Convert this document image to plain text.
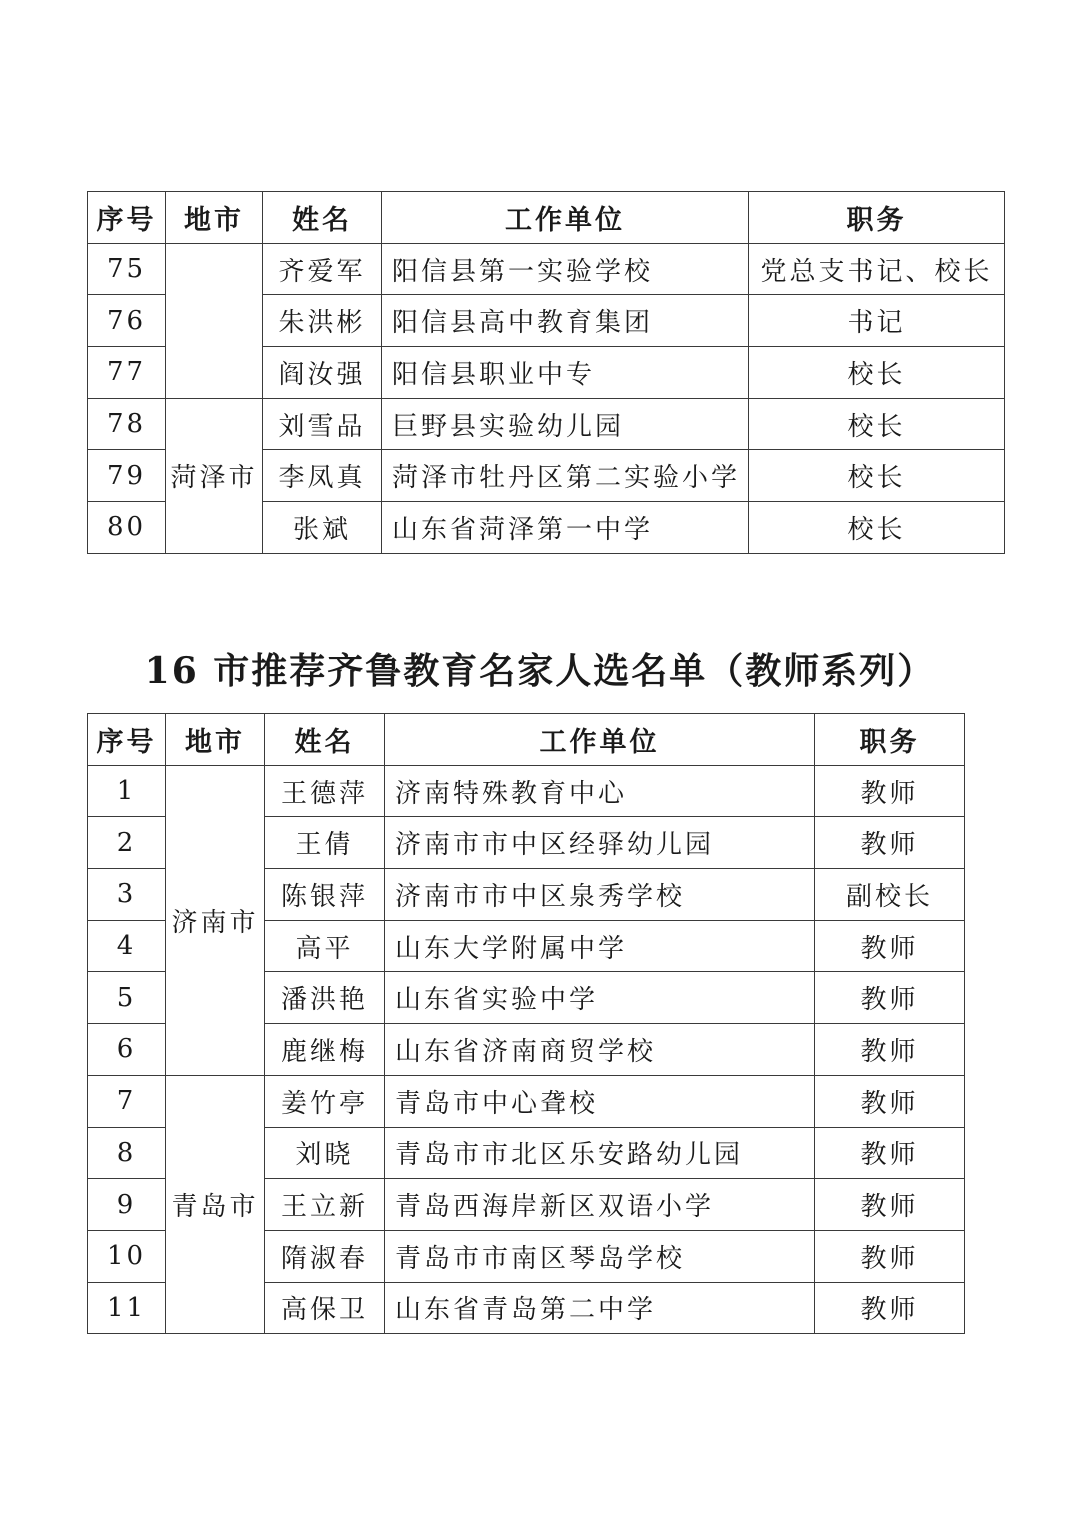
序号	地市	姓名	工作单位	职务
75		齐爱军	阳信县第一实验学校	党总支书记、校长
76		朱洪彬	阳信县高中教育集团	书记
77		阎汝强	阳信县职业中专	校长
78	菏泽市	刘雪品	巨野县实验幼儿园	校长
79		李凤真	菏泽市牡丹区第二实验小学	校长
80		张斌	山东省菏泽第一中学	校长
16 市推荐齐鲁教育名家人选名单（教师系列）
序号	地市	姓名	工作单位	职务
1	济南市	王德萍	济南特殊教育中心	教师
2		王倩	济南市市中区经驿幼儿园	教师
3		陈银萍	济南市市中区泉秀学校	副校长
4		高平	山东大学附属中学	教师
5		潘洪艳	山东省实验中学	教师
6		鹿继梅	山东省济南商贸学校	教师
7	青岛市	姜竹亭	青岛市中心聋校	教师
8		刘晓	青岛市市北区乐安路幼儿园	教师
9		王立新	青岛西海岸新区双语小学	教师
10		隋淑春	青岛市市南区琴岛学校	教师
11		高保卫	山东省青岛第二中学	教师
